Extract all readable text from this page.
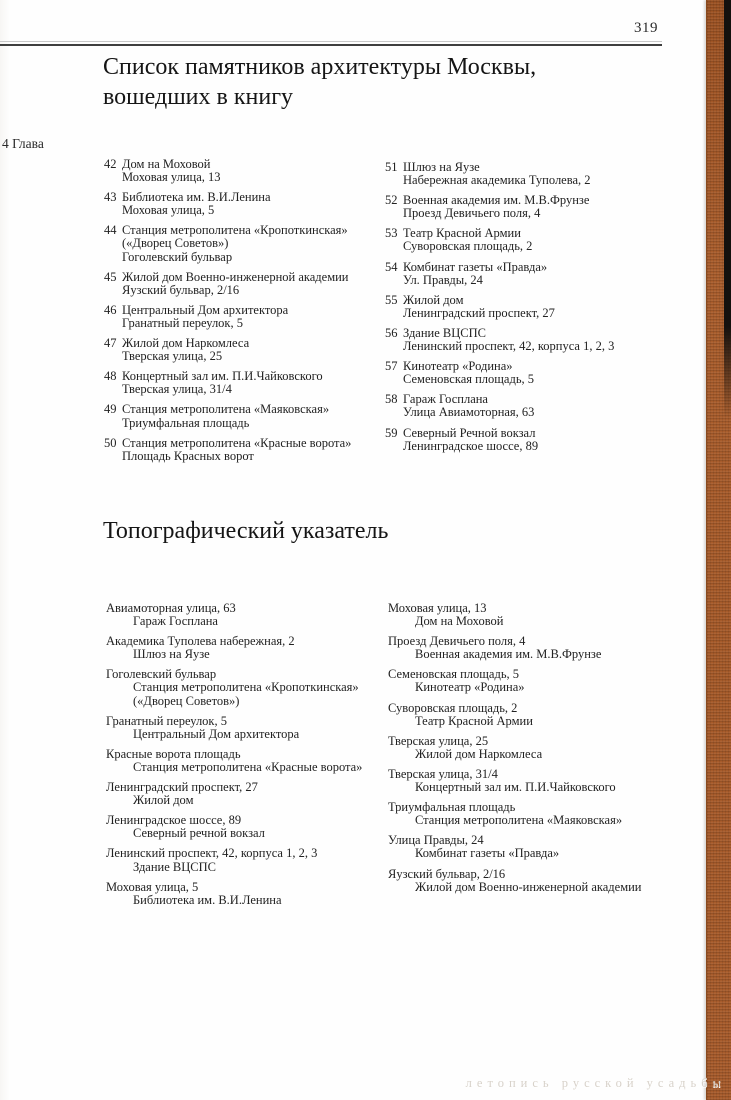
319
Список памятников архитектуры Москвы,
вошедших в книгу
4 Глава
42 Дом на Моховой
Моховая улица, 13
43 Библиотека им. В.И.Ленина
Моховая улица, 5
44 Станция метрополитена «Кропоткинская»
(«Дворец Советов»)
Гоголевский бульвар
45 Жилой дом Военно-инженерной академии
Яузский бульвар, 2/16
46 Центральный Дом архитектора
Гранатный переулок, 5
47 Жилой дом Наркомлеса
Тверская улица, 25
48 Концертный зал им. П.И.Чайковского
Тверская улица, 31/4
49 Станция метрополитена «Маяковская»
Триумфальная площадь
50 Станция метрополитена «Красные ворота»
Площадь Красных ворот
51 Шлюз на Яузе
Набережная академика Туполева, 2
52 Военная академия им. М.В.Фрунзе
Проезд Девичьего поля, 4
53 Театр Красной Армии
Суворовская площадь, 2
54 Комбинат газеты «Правда»
Ул. Правды, 24
55 Жилой дом
Ленинградский проспект, 27
56 Здание ВЦСПС
Ленинский проспект, 42, корпуса 1, 2, 3
57 Кинотеатр «Родина»
Семеновская площадь, 5
58 Гараж Госплана
Улица Авиамоторная, 63
59 Северный Речной вокзал
Ленинградское шоссе, 89
Топографический указатель
Авиамоторная улица, 63
Гараж Госплана
Академика Туполева набережная, 2
Шлюз на Яузе
Гоголевский бульвар
Станция метрополитена «Кропоткинская»
(«Дворец Советов»)
Гранатный переулок, 5
Центральный Дом архитектора
Красные ворота площадь
Станция метрополитена «Красные ворота»
Ленинградский проспект, 27
Жилой дом
Ленинградское шоссе, 89
Северный речной вокзал
Ленинский проспект, 42, корпуса 1, 2, 3
Здание ВЦСПС
Моховая улица, 5
Библиотека им. В.И.Ленина
Моховая улица, 13
Дом на Моховой
Проезд Девичьего поля, 4
Военная академия им. М.В.Фрунзе
Семеновская площадь, 5
Кинотеатр «Родина»
Суворовская площадь, 2
Театр Красной Армии
Тверская улица, 25
Жилой дом Наркомлеса
Тверская улица, 31/4
Концертный зал им. П.И.Чайковского
Триумфальная площадь
Станция метрополитена «Маяковская»
Улица Правды, 24
Комбинат газеты «Правда»
Яузский бульвар, 2/16
Жилой дом Военно-инженерной академии
летопись русской усадьбы
